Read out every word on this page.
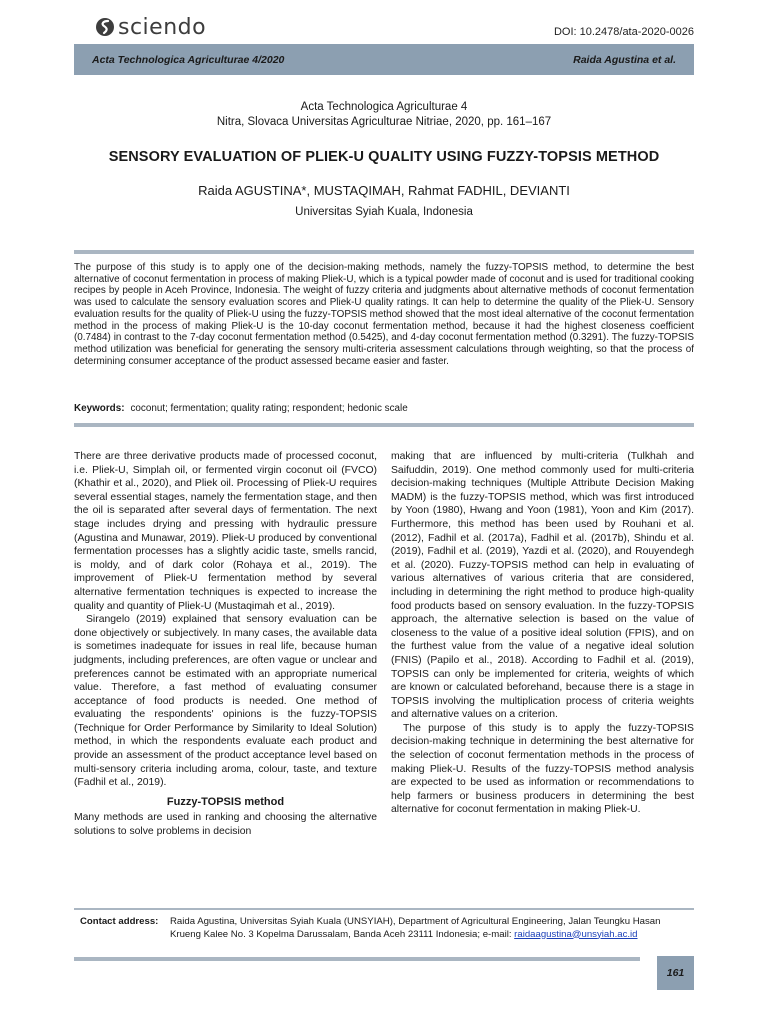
sciendo	DOI: 10.2478/ata-2020-0026
Acta Technologica Agriculturae 4/2020	Raida Agustina et al.
Acta Technologica Agriculturae 4
Nitra, Slovaca Universitas Agriculturae Nitriae, 2020, pp. 161–167
SENSORY EVALUATION OF PLIEK-U QUALITY USING FUZZY-TOPSIS METHOD
Raida AGUSTINA*, MUSTAQIMAH, Rahmat FADHIL, DEVIANTI
Universitas Syiah Kuala, Indonesia
The purpose of this study is to apply one of the decision-making methods, namely the fuzzy-TOPSIS method, to determine the best alternative of coconut fermentation in process of making Pliek-U, which is a typical powder made of coconut and is used for traditional cooking recipes by people in Aceh Province, Indonesia. The weight of fuzzy criteria and judgments about alternative methods of coconut fermentation was used to calculate the sensory evaluation scores and Pliek-U quality ratings. It can help to determine the quality of the Pliek-U. Sensory evaluation results for the quality of Pliek-U using the fuzzy-TOPSIS method showed that the most ideal alternative of the coconut fermentation method in the process of making Pliek-U is the 10-day coconut fermentation method, because it had the highest closeness coefficient (0.7484) in contrast to the 7-day coconut fermentation method (0.5425), and 4-day coconut fermentation method (0.3291). The fuzzy-TOPSIS method utilization was beneficial for generating the sensory multi-criteria assessment calculations through weighting, so that the process of determining consumer acceptance of the product assessed became easier and faster.
Keywords: coconut; fermentation; quality rating; respondent; hedonic scale

There are three derivative products made of processed coconut, i.e. Pliek-U, Simplah oil, or fermented virgin coconut oil (FVCO) (Khathir et al., 2020), and Pliek oil. Processing of Pliek-U requires several essential stages, namely the fermentation stage, and then the oil is separated after several days of fermentation. The next stage includes drying and pressing with hydraulic pressure (Agustina and Munawar, 2019). Pliek-U produced by conventional fermentation processes has a slightly acidic taste, smells rancid, is moldy, and of dark color (Rohaya et al., 2019). The improvement of Pliek-U fermentation method by several alternative fermentation techniques is expected to increase the quality and quantity of Pliek-U (Mustaqimah et al., 2019).

Sirangelo (2019) explained that sensory evaluation can be done objectively or subjectively. In many cases, the available data is sometimes inadequate for issues in real life, because human judgments, including preferences, are often vague or unclear and preferences cannot be estimated with an appropriate numerical value. Therefore, a fast method of evaluating consumer acceptance of food products is needed. One method of evaluating the respondents' opinions is the fuzzy-TOPSIS (Technique for Order Performance by Similarity to Ideal Solution) method, in which the respondents evaluate each product and provide an assessment of the product acceptance level based on multi-sensory criteria including aroma, colour, taste, and texture (Fadhil et al., 2019).

Fuzzy-TOPSIS method

Many methods are used in ranking and choosing the alternative solutions to solve problems in decision

making that are influenced by multi-criteria (Tulkhah and Saifuddin, 2019). One method commonly used for multi-criteria decision-making techniques (Multiple Attribute Decision Making MADM) is the fuzzy-TOPSIS method, which was first introduced by Yoon (1980), Hwang and Yoon (1981), Yoon and Kim (2017). Furthermore, this method has been used by Rouhani et al. (2012), Fadhil et al. (2017a), Fadhil et al. (2017b), Shindu et al. (2019), Fadhil et al. (2019), Yazdi et al. (2020), and Rouyendegh et al. (2020). Fuzzy-TOPSIS method can help in evaluating of various alternatives of various criteria that are considered, including in determining the right method to produce high-quality food products based on sensory evaluation. In the fuzzy-TOPSIS approach, the alternative selection is based on the value of closeness to the value of a positive ideal solution (FPIS), and on the furthest value from the value of a negative ideal solution (FNIS) (Papilo et al., 2018). According to Fadhil et al. (2019), TOPSIS can only be implemented for criteria, weights of which are known or calculated beforehand, because there is a stage in TOPSIS involving the multiplication process of criteria weights and alternative values on a criterion.

The purpose of this study is to apply the fuzzy-TOPSIS decision-making technique in determining the best alternative for the selection of coconut fermentation methods in the process of making Pliek-U. Results of the fuzzy-TOPSIS method analysis are expected to be used as information or recommendations to help farmers or business producers in determining the best alternative for coconut fermentation in making Pliek-U.

Contact address:	Raida Agustina, Universitas Syiah Kuala (UNSYIAH), Department of Agricultural Engineering, Jalan Teungku Hasan Krueng Kalee No. 3 Kopelma Darussalam, Banda Aceh 23111 Indonesia; e-mail: raidaagustina@unsyiah.ac.id
161
